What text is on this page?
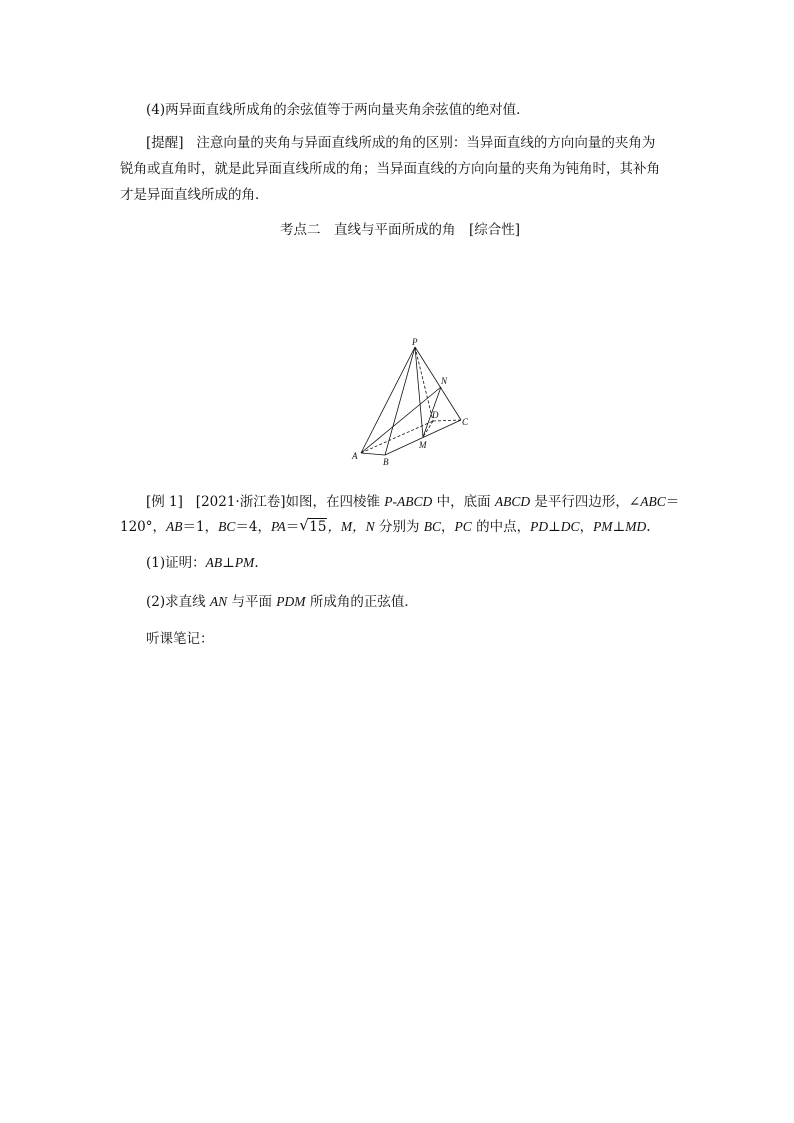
(4)两异面直线所成角的余弦值等于两向量夹角余弦值的绝对值．
[提醒] 注意向量的夹角与异面直线所成的角的区别：当异面直线的方向向量的夹角为
锐角或直角时，就是此异面直线所成的角；当异面直线的方向向量的夹角为钝角时，其补角
才是异面直线所成的角．
考点二　直线与平面所成的角　[综合性]
P
N
D
C
A
B
M
[例 1] [2021·浙江卷]如图，在四棱锥 P-ABCD 中，底面 ABCD 是平行四边形，∠ABC＝
120°，AB＝1，BC＝4，PA＝ √ 15，M，N 分别为 BC，PC 的中点，PD⊥DC，PM⊥MD.
(1)证明：AB⊥PM.
(2)求直线 AN 与平面 PDM 所成角的正弦值．
听课笔记：
